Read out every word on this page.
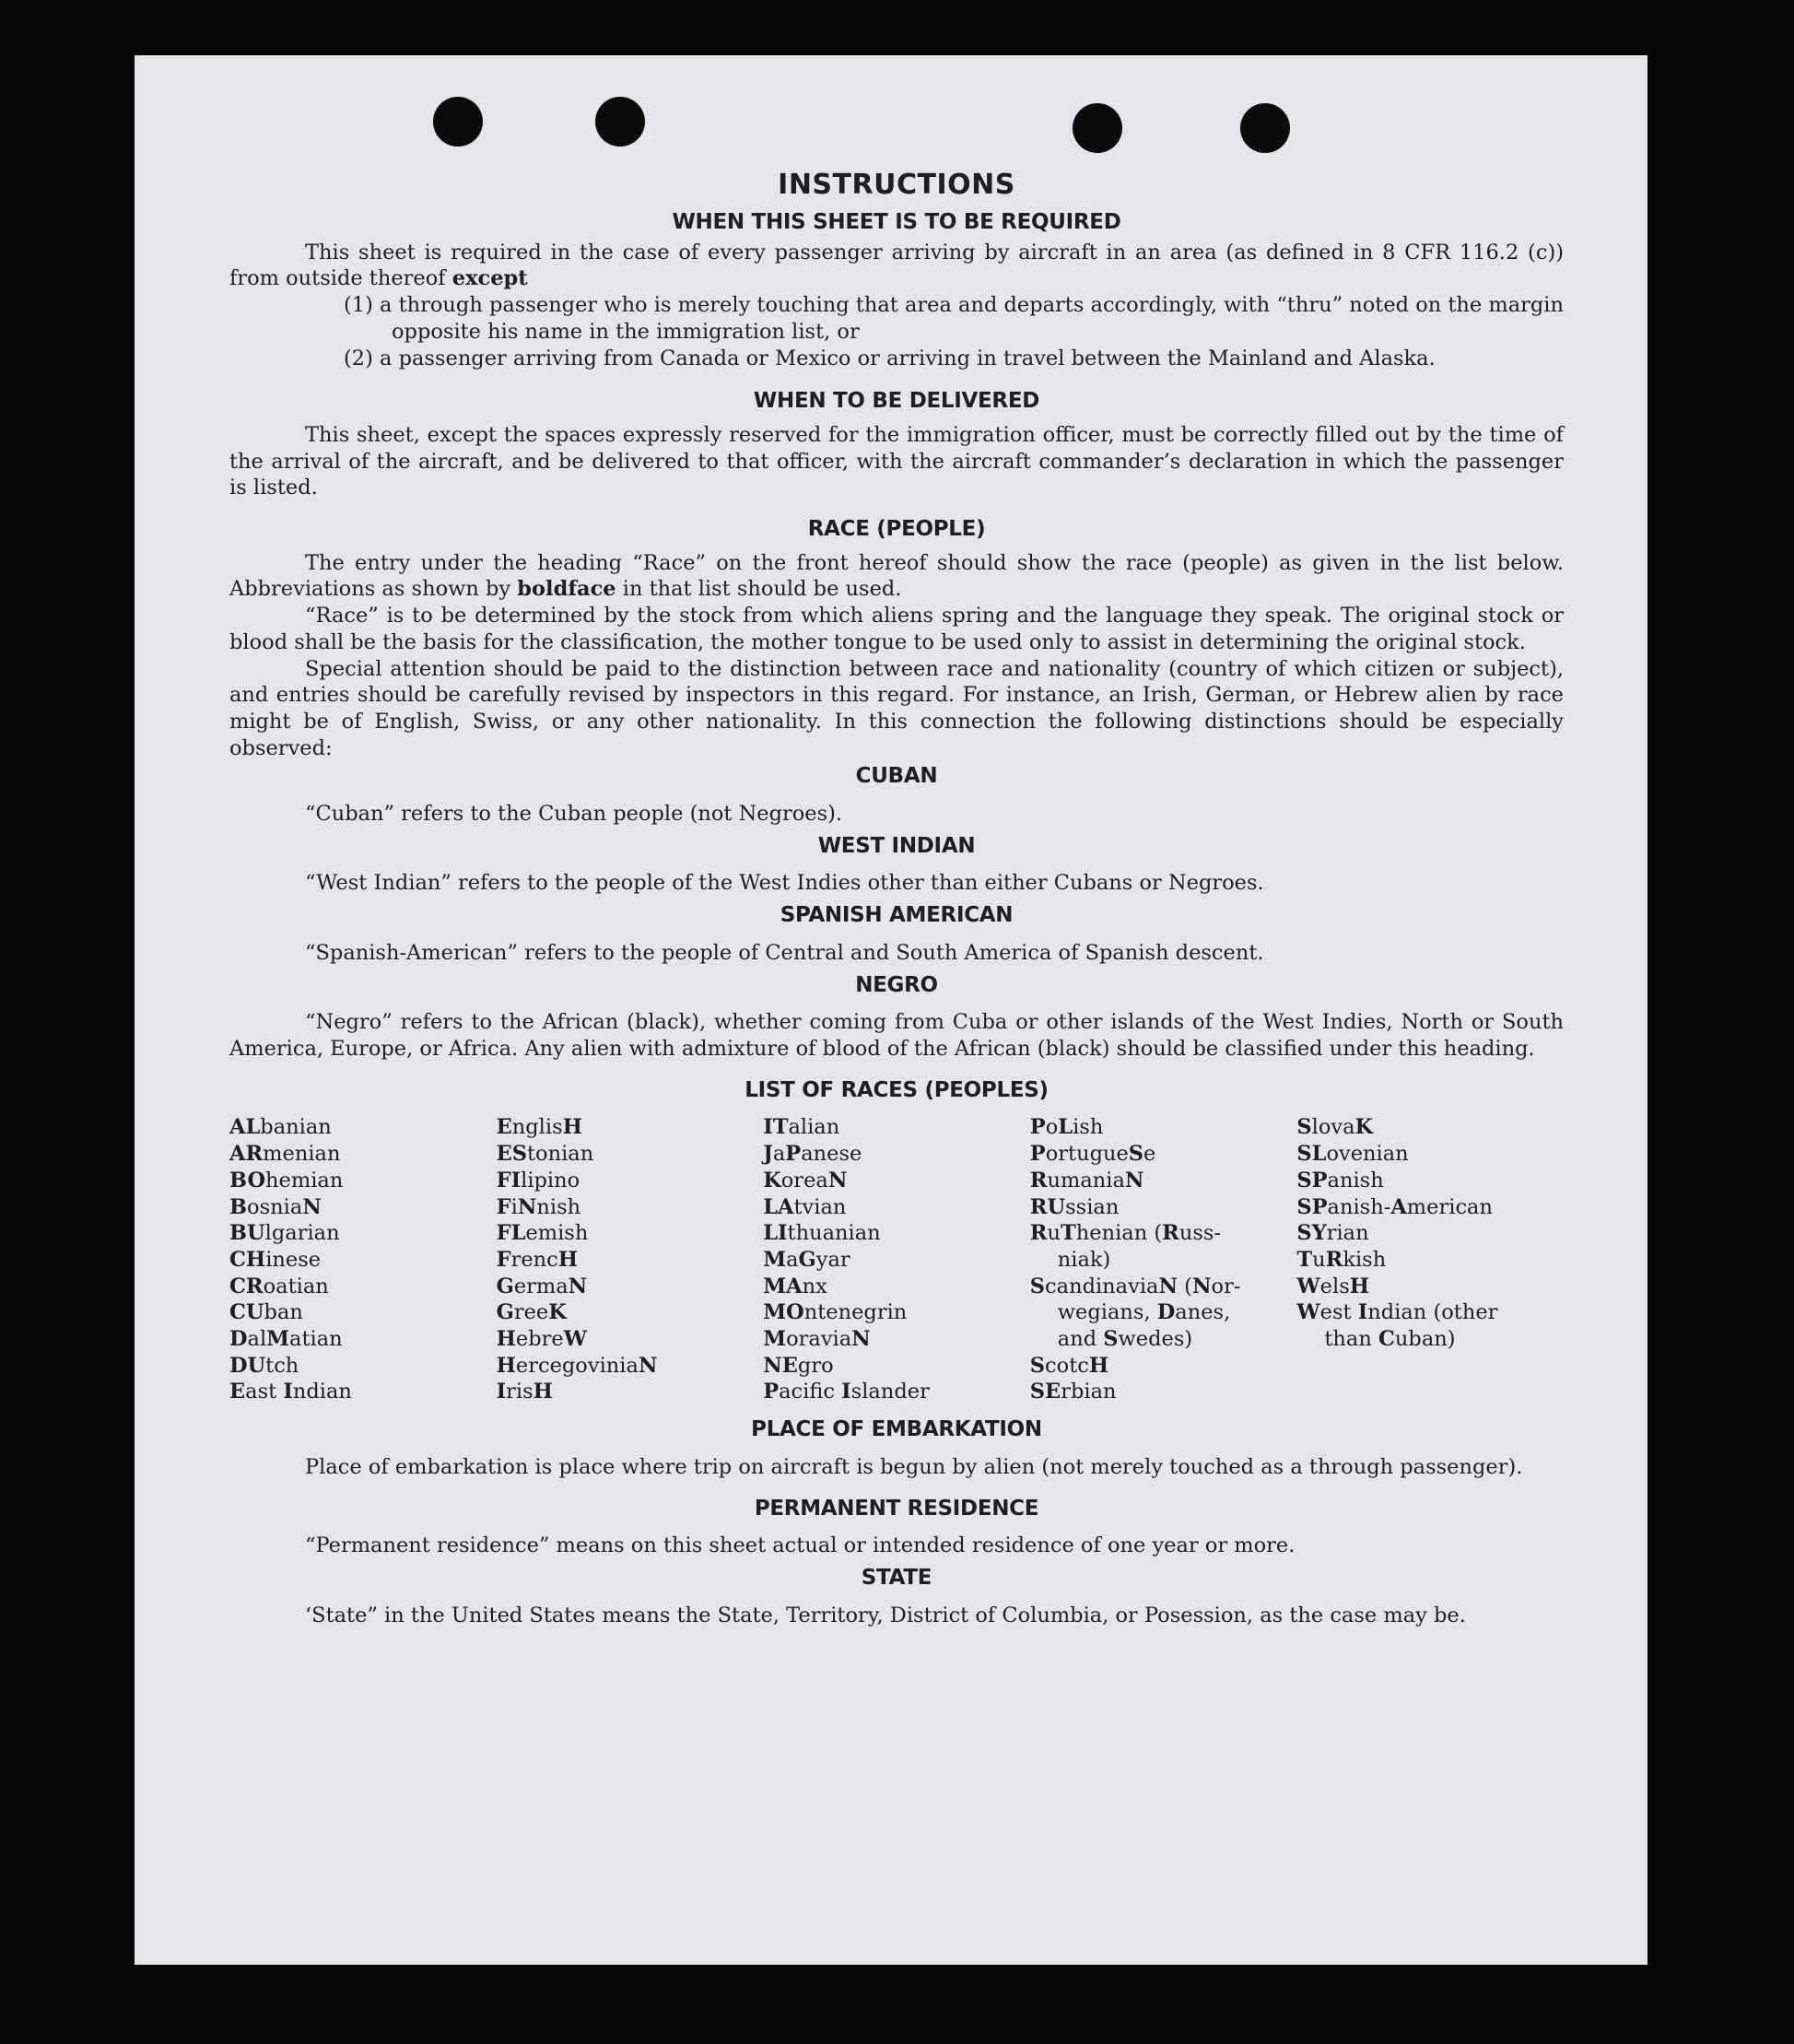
INSTRUCTIONS
WHEN THIS SHEET IS TO BE REQUIRED

This sheet is required in the case of every passenger arriving by aircraft in an area (as defined in 8 CFR 116.2 (c)) from outside thereof except

(1) a through passenger who is merely touching that area and departs accordingly, with “thru” noted on the margin opposite his name in the immigration list, or
(2) a passenger arriving from Canada or Mexico or arriving in travel between the Mainland and Alaska.
WHEN TO BE DELIVERED

This sheet, except the spaces expressly reserved for the immigration officer, must be correctly filled out by the time of the arrival of the aircraft, and be delivered to that officer, with the aircraft commander’s declaration in which the passenger is listed.

RACE (PEOPLE)

The entry under the heading “Race” on the front hereof should show the race (people) as given in the list below. Abbreviations as shown by boldface in that list should be used.

“Race” is to be determined by the stock from which aliens spring and the language they speak. The original stock or blood shall be the basis for the classification, the mother tongue to be used only to assist in determining the original stock.

Special attention should be paid to the distinction between race and nationality (country of which citizen or subject), and entries should be carefully revised by inspectors in this regard. For instance, an Irish, German, or Hebrew alien by race might be of English, Swiss, or any other nationality. In this connection the following distinctions should be especially observed:

CUBAN

“Cuban” refers to the Cuban people (not Negroes).

WEST INDIAN

“West Indian” refers to the people of the West Indies other than either Cubans or Negroes.

SPANISH AMERICAN

“Spanish-American” refers to the people of Central and South America of Spanish descent.

NEGRO

“Negro” refers to the African (black), whether coming from Cuba or other islands of the West Indies, North or South America, Europe, or Africa. Any alien with admixture of blood of the African (black) should be classified under this heading.

LIST OF RACES (PEOPLES)
ALbanian
ARmenian
BOhemian
BosniaN
BUlgarian
CHinese
CRoatian
CUban
DalMatian
DUtch
East Indian
EnglisH
EStonian
FIlipino
FiNnish
FLemish
FrencH
GermaN
GreeK
HebreW
HercegoviniaN
IrisH
ITalian
JaPanese
KoreaN
LAtvian
LIthuanian
MaGyar
MAnx
MOntenegrin
MoraviaN
NEgro
Pacifc Islander
PoLish
PortugueSe
RumaniaN
RUssian
RuThenian (Russ-
niak)
ScandinaviaN (Nor-
wegians, Danes,
and Swedes)
ScotcH
SErbian
SlovaK
SLovenian
SPanish
SPanish-American
SYrian
TuRkish
WelsH
West Indian (other
than Cuban)
PLACE OF EMBARKATION

Place of embarkation is place where trip on aircraft is begun by alien (not merely touched as a through passenger).

PERMANENT RESIDENCE

“Permanent residence” means on this sheet actual or intended residence of one year or more.

STATE

‘State” in the United States means the State, Territory, District of Columbia, or Posession, as the case may be.
